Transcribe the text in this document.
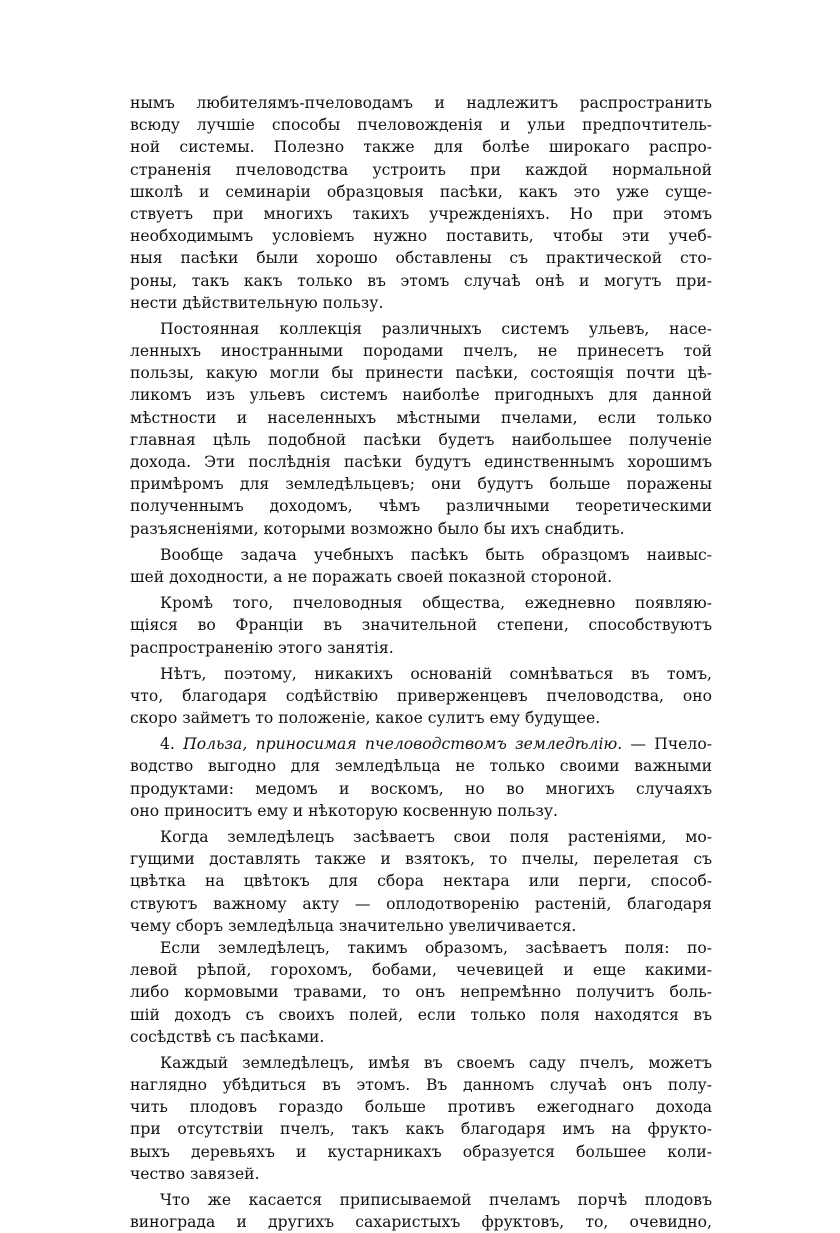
нымъ любителямъ-пчеловодамъ и надлежитъ распространить
всюду лучшіе способы пчеловожденія и ульи предпочтитель-
ной системы. Полезно также для болѣе широкаго распро-
страненія пчеловодства устроить при каждой нормальной
школѣ и семинаріи образцовыя пасѣки, какъ это уже суще-
ствуетъ при многихъ такихъ учрежденіяхъ. Но при этомъ
необходимымъ условіемъ нужно поставить, чтобы эти учеб-
ныя пасѣки были хорошо обставлены съ практической сто-
роны, такъ какъ только въ этомъ случаѣ онѣ и могутъ при-
нести дѣйствительную пользу.
Постоянная коллекція различныхъ системъ ульевъ, насе-
ленныхъ иностранными породами пчелъ, не принесетъ той
пользы, какую могли бы принести пасѣки, состоящія почти цѣ-
ликомъ изъ ульевъ системъ наиболѣе пригодныхъ для данной
мѣстности и населенныхъ мѣстными пчелами, если только
главная цѣль подобной пасѣки будетъ наибольшее полученіе
дохода. Эти послѣднія пасѣки будутъ единственнымъ хорошимъ
примѣромъ для земледѣльцевъ; они будутъ больше поражены
полученнымъ доходомъ, чѣмъ различными теоретическими
разъясненіями, которыми возможно было бы ихъ снабдить.
Вообще задача учебныхъ пасѣкъ быть образцомъ наивыс-
шей доходности, а не поражать своей показной стороной.
Кромѣ того, пчеловодныя общества, ежедневно появляю-
щіяся во Франціи въ значительной степени, способствуютъ
распространенію этого занятія.
Нѣтъ, поэтому, никакихъ основаній сомнѣваться въ томъ,
что, благодаря содѣйствію приверженцевъ пчеловодства, оно
скоро займетъ то положеніе, какое сулитъ ему будущее.
4. Польза, приносимая пчеловодствомъ земледѣлію. — Пчело-
водство выгодно для земледѣльца не только своими важными
продуктами: медомъ и воскомъ, но во многихъ случаяхъ
оно приноситъ ему и нѣкоторую косвенную пользу.
Когда земледѣлецъ засѣваетъ свои поля растеніями, мо-
гущими доставлять также и взятокъ, то пчелы, перелетая съ
цвѣтка на цвѣтокъ для сбора нектара или перги, способ-
ствуютъ важному акту — оплодотворенію растеній, благодаря
чему сборъ земледѣльца значительно увеличивается.
Если земледѣлецъ, такимъ образомъ, засѣваетъ поля: по-
левой рѣпой, горохомъ, бобами, чечевицей и еще какими-
либо кормовыми травами, то онъ непремѣнно получитъ боль-
шій доходъ съ своихъ полей, если только поля находятся въ
сосѣдствѣ съ пасѣками.
Каждый земледѣлецъ, имѣя въ своемъ саду пчелъ, можетъ
наглядно убѣдиться въ этомъ. Въ данномъ случаѣ онъ полу-
чить плодовъ гораздо больше противъ ежегоднаго дохода
при отсутствіи пчелъ, такъ какъ благодаря имъ на фрукто-
выхъ деревьяхъ и кустарникахъ образуется большее коли-
чество завязей.
Что же касается приписываемой пчеламъ порчѣ плодовъ
винограда и другихъ сахаристыхъ фруктовъ, то, очевидно,
